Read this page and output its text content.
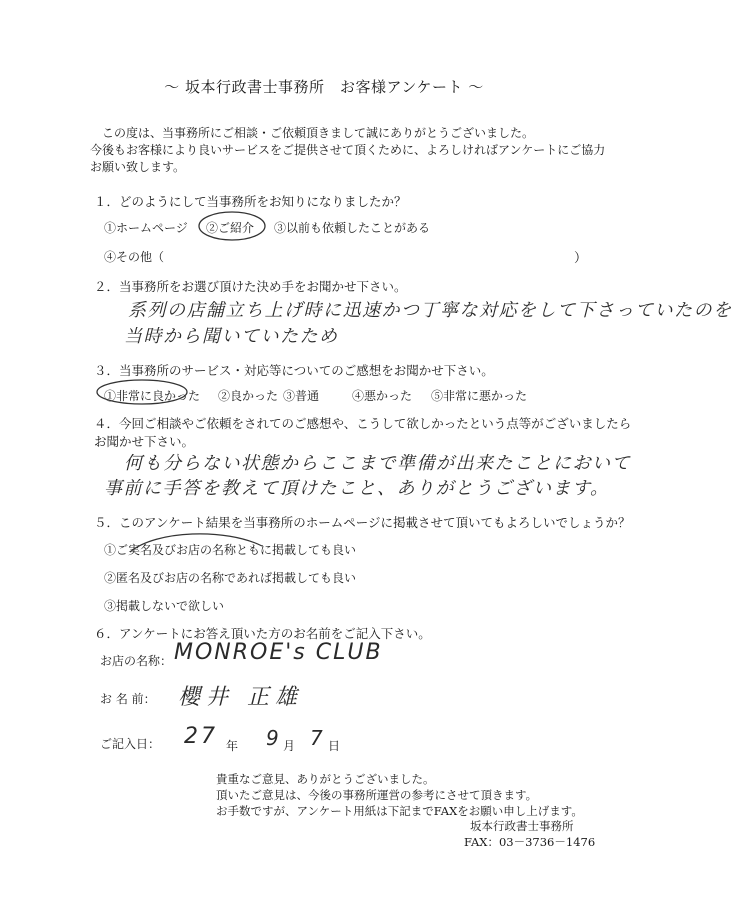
〜 坂本行政書士事務所　お客様アンケート 〜
この度は、当事務所にご相談・ご依頼頂きまして誠にありがとうございました。
今後もお客様により良いサービスをご提供させて頂くために、よろしければアンケートにご協力
お願い致します。
１．どのようにして当事務所をお知りになりましたか？
①ホームページ ②ご紹介 ③以前も依頼したことがある
④その他（	）
２．当事務所をお選び頂けた決め手をお聞かせ下さい。
系列の店舗立ち上げ時に迅速かつ丁寧な対応をして下さっていたのを
当時から聞いていたため
３．当事務所のサービス・対応等についてのご感想をお聞かせ下さい。
①非常に良かった ②良かった ③普通	④悪かった ⑤非常に悪かった
４．今回ご相談やご依頼をされてのご感想や、こうして欲しかったという点等がございましたら
お聞かせ下さい。
何も分らない状態からここまで準備が出来たことにおいて
事前に手答を教えて頂けたこと、ありがとうございます。
５．このアンケート結果を当事務所のホームページに掲載させて頂いてもよろしいでしょうか？
①ご実名及びお店の名称ともに掲載しても良い
②匿名及びお店の名称であれば掲載しても良い
③掲載しないで欲しい
６．アンケートにお答え頂いた方のお名前をご記入下さい。
お店の名称： MONROE's CLUB
お 名 前： 櫻井 正雄
ご記入日： 27 年 9 月 7 日
貴重なご意見、ありがとうございました。
頂いたご意見は、今後の事務所運営の参考にさせて頂きます。
お手数ですが、アンケート用紙は下記までFAXをお願い申し上げます。
坂本行政書士事務所
FAX：03－3736－1476
